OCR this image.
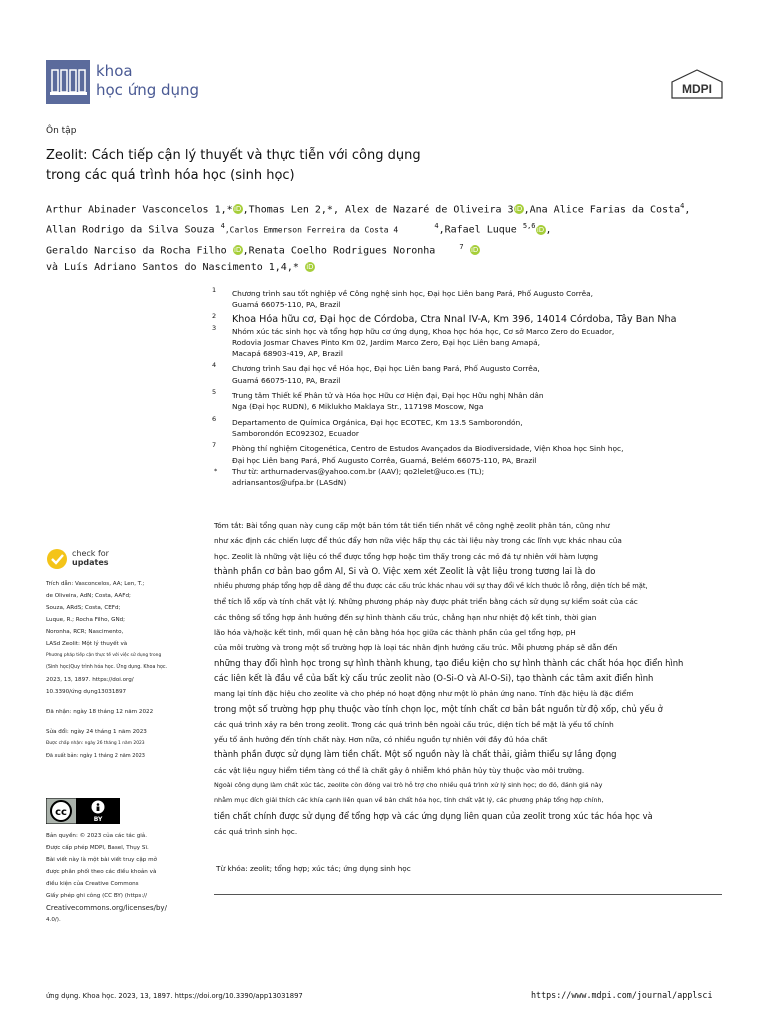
khoa
học ứng dụng	MDPI
Ôn tập
Zeolit: Cách tiếp cận lý thuyết và thực tiễn với công dụng
trong các quá trình hóa học (sinh học)
Arthur Abinader Vasconcelos 1,*iD,Thomas Len 2,*, Alex de Nazaré de Oliveira 3iD,Ana Alice Farias da Costa$^4$,
Allan Rodrigo da Silva Souza $^4$,Carlos Emmerson Ferreira da Costa 4	$^4$,Rafael Luque $^{5,6}$iD,
Geraldo Narciso da Rocha Filho iD,Renata Coelho Rodrigues Noronha	$^7$ iD
và Luís Adriano Santos do Nascimento 1,4,* iD
1 Chương trình sau tốt nghiệp về Công nghệ sinh học, Đại học Liên bang Pará, Phố Augusto Corrêa,
Guamá 66075-110, PA, Brazil
2 Khoa Hóa hữu cơ, Đại học de Córdoba, Ctra Nnal IV-A, Km 396, 14014 Córdoba, Tây Ban Nha
3 Nhóm xúc tác sinh học và tổng hợp hữu cơ ứng dụng, Khoa học hóa học, Cơ sở Marco Zero do Ecuador,
Rodovia Josmar Chaves Pinto Km 02, Jardim Marco Zero, Đại học Liên bang Amapá,
Macapá 68903-419, AP, Brazil
4 Chương trình Sau đại học về Hóa học, Đại học Liên bang Pará, Phố Augusto Corrêa,
Guamá 66075-110, PA, Brazil
5 Trung tâm Thiết kế Phân tử và Hóa học Hữu cơ Hiện đại, Đại học Hữu nghị Nhân dân
Nga (Đại học RUDN), 6 Miklukho Maklaya Str., 117198 Moscow, Nga
6 Departamento de Química Orgánica, Đại học ECOTEC, Km 13.5 Samborondón,
Samborondón EC092302, Ecuador
7 Phòng thí nghiệm Citogenética, Centro de Estudos Avançados da Biodiversidade, Viện Khoa học Sinh học,
Đại học Liên bang Pará, Phố Augusto Corrêa, Guamá, Belém 66075-110, PA, Brazil
* Thư từ: arthurnadervas@yahoo.com.br (AAV); qo2lelet@uco.es (TL);
adriansantos@ufpa.br (LASdN)
check for
updates
Trích dẫn: Vasconcelos, AA; Len, T.;
de Oliveira, AdN; Costa, AAFd;
Souza, ARdS; Costa, CEFd;
Luque, R.; Rocha Filho, GNd;
Noronha, RCR; Nascimento,
LASd Zeolit: Một lý thuyết và
Phương pháp tiếp cận thực tế với việc sử dụng trong
(Sinh học)Quy trình hóa học. Ứng dụng. Khoa học.
2023, 13, 1897. https://doi.org/
10.3390/ứng dụng13031897
Đã nhận: ngày 18 tháng 12 năm 2022
Sửa đổi: ngày 24 tháng 1 năm 2023
Được chấp nhận: ngày 26 tháng 1 năm 2023
Đã xuất bản: ngày 1 tháng 2 năm 2023
cc
BY
Bản quyền: © 2023 của các tác giả.
Được cấp phép MDPI, Basel, Thụy Sĩ.
Bài viết này là một bài viết truy cập mở
được phân phối theo các điều khoản và
điều kiện của Creative Commons
Giấy phép ghi công (CC BY) (https://
Creativecommons.org/licenses/by/
4.0/).
Tóm tắt: Bài tổng quan này cung cấp một bản tóm tắt tiến tiến nhất về công nghệ zeolit phân tán, cũng như
như xác định các chiến lược để thúc đẩy hơn nữa việc hấp thụ các tài liệu này trong các lĩnh vực khác nhau của
học. Zeolit là những vật liệu có thể được tổng hợp hoặc tìm thấy trong các mỏ đá tự nhiên với hàm lượng
thành phần cơ bản bao gồm Al, Si và O. Việc xem xét Zeolit là vật liệu trong tương lai là do
nhiều phương pháp tổng hợp dễ dàng để thu được các cấu trúc khác nhau với sự thay đổi về kích thước lỗ rỗng, diện tích bề mặt,
thể tích lỗ xốp và tính chất vật lý. Những phương pháp này được phát triển bằng cách sử dụng sự kiểm soát của các
các thông số tổng hợp ảnh hưởng đến sự hình thành cấu trúc, chẳng hạn như nhiệt độ kết tinh, thời gian
lão hóa và/hoặc kết tinh, mối quan hệ cân bằng hóa học giữa các thành phần của gel tổng hợp, pH
của môi trường và trong một số trường hợp là loại tác nhân định hướng cấu trúc. Mỗi phương pháp sẽ dẫn đến
những thay đổi hình học trong sự hình thành khung, tạo điều kiện cho sự hình thành các chất hóa học điển hình
các liên kết là đầu về của bất kỳ cấu trúc zeolit nào (O-Si-O và Al-O-Si), tạo thành các tâm axit điển hình
mang lại tính đặc hiệu cho zeolite và cho phép nó hoạt động như một lò phản ứng nano. Tính đặc hiệu là đặc điểm
trong một số trường hợp phụ thuộc vào tính chọn lọc, một tính chất cơ bản bắt nguồn từ độ xốp, chủ yếu ở
các quá trình xảy ra bên trong zeolit. Trong các quá trình bên ngoài cấu trúc, diện tích bề mặt là yếu tố chính
yếu tố ảnh hưởng đến tính chất này. Hơn nữa, có nhiều nguồn tự nhiên với đầy đủ hóa chất
thành phần được sử dụng làm tiền chất. Một số nguồn này là chất thải, giảm thiểu sự lắng đọng
các vật liệu nguy hiểm tiềm tàng có thể là chất gây ô nhiễm khó phân hủy tùy thuộc vào môi trường.
Ngoài công dụng làm chất xúc tác, zeolite còn đóng vai trò hỗ trợ cho nhiều quá trình xử lý sinh học; do đó, đánh giá này
nhằm mục đích giải thích các khía cạnh liên quan về bản chất hóa học, tính chất vật lý, các phương pháp tổng hợp chính,
tiền chất chính được sử dụng để tổng hợp và các ứng dụng liên quan của zeolit trong xúc tác hóa học và
các quá trình sinh học.
Từ khóa: zeolit; tổng hợp; xúc tác; ứng dụng sinh học
ứng dụng. Khoa học. 2023, 13, 1897. https://doi.org/10.3390/app13031897	https://www.mdpi.com/journal/applsci
